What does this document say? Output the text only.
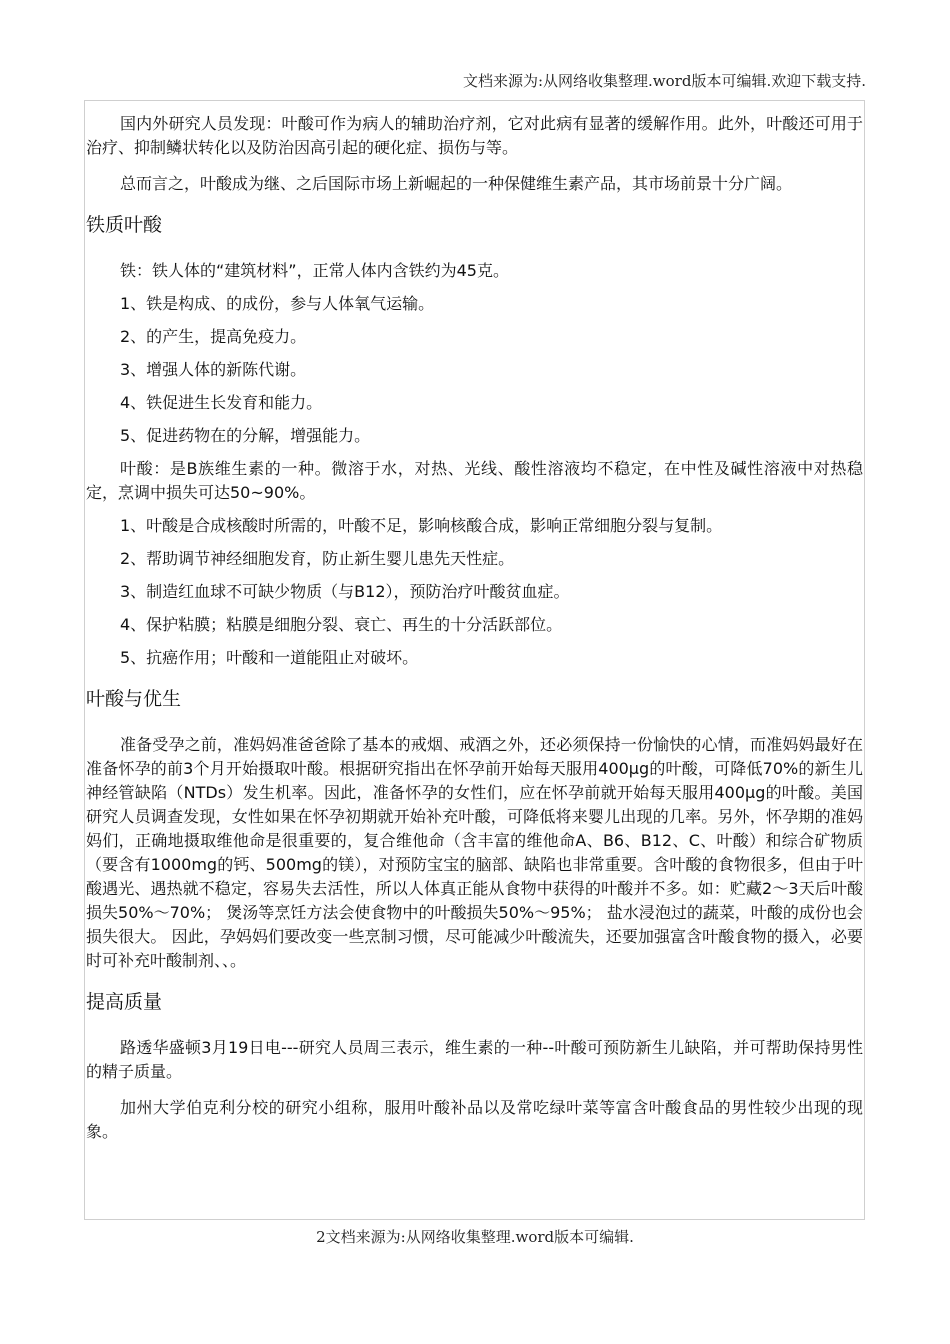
文档来源为:从网络收集整理.word版本可编辑.欢迎下载支持.

国内外研究人员发现：叶酸可作为病人的辅助治疗剂，它对此病有显著的缓解作用。此外，叶酸还可用于治疗、抑制鳞状转化以及防治因高引起的硬化症、损伤与等。

总而言之，叶酸成为继、之后国际市场上新崛起的一种保健维生素产品，其市场前景十分广阔。

铁质叶酸

铁：铁人体的“建筑材料”，正常人体内含铁约为45克。

1、铁是构成、的成份，参与人体氧气运输。

2、的产生，提高免疫力。

3、增强人体的新陈代谢。

4、铁促进生长发育和能力。

5、促进药物在的分解，增强能力。

叶酸：是B族维生素的一种。微溶于水，对热、光线、酸性溶液均不稳定，在中性及碱性溶液中对热稳定，烹调中损失可达50~90%。

1、叶酸是合成核酸时所需的，叶酸不足，影响核酸合成，影响正常细胞分裂与复制。

2、帮助调节神经细胞发育，防止新生婴儿患先天性症。

3、制造红血球不可缺少物质（与B12），预防治疗叶酸贫血症。

4、保护粘膜；粘膜是细胞分裂、衰亡、再生的十分活跃部位。

5、抗癌作用；叶酸和一道能阻止对破坏。

叶酸与优生

准备受孕之前，准妈妈准爸爸除了基本的戒烟、戒酒之外，还必须保持一份愉快的心情，而准妈妈最好在准备怀孕的前3个月开始摄取叶酸。根据研究指出在怀孕前开始每天服用400μg的叶酸，可降低70%的新生儿神经管缺陷（NTDs）发生机率。因此，准备怀孕的女性们，应在怀孕前就开始每天服用400μg的叶酸。美国研究人员调查发现，女性如果在怀孕初期就开始补充叶酸，可降低将来婴儿出现的几率。另外，怀孕期的准妈妈们，正确地摄取维他命是很重要的，复合维他命（含丰富的维他命A、B6、B12、C、叶酸）和综合矿物质（要含有1000mg的钙、500mg的镁），对预防宝宝的脑部、缺陷也非常重要。含叶酸的食物很多，但由于叶酸遇光、遇热就不稳定，容易失去活性，所以人体真正能从食物中获得的叶酸并不多。如：贮藏2～3天后叶酸损失50%～70%； 煲汤等烹饪方法会使食物中的叶酸损失50%～95%； 盐水浸泡过的蔬菜，叶酸的成份也会损失很大。 因此，孕妈妈们要改变一些烹制习惯，尽可能减少叶酸流失，还要加强富含叶酸食物的摄入，必要时可补充叶酸制剂、、。

提高质量

路透华盛顿3月19日电---研究人员周三表示，维生素的一种--叶酸可预防新生儿缺陷，并可帮助保持男性的精子质量。

加州大学伯克利分校的研究小组称，服用叶酸补品以及常吃绿叶菜等富含叶酸食品的男性较少出现的现象。

2文档来源为:从网络收集整理.word版本可编辑.
